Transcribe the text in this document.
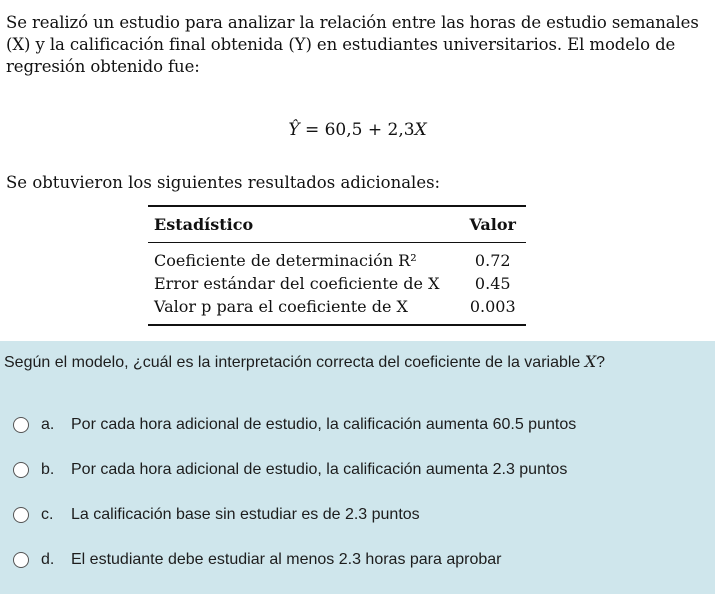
Se realizó un estudio para analizar la relación entre las horas de estudio semanales (X) y la calificación final obtenida (Y) en estudiantes universitarios. El modelo de regresión obtenido fue:

Ŷ = 60,5 + 2,3X

Se obtuvieron los siguientes resultados adicionales:

Estadístico	Valor
Coeficiente de determinación R²	0.72
Error estándar del coeficiente de X	0.45
Valor p para el coeficiente de X	0.003
Según el modelo, ¿cuál es la interpretación correcta del coeficiente de la variable X?
a.	Por cada hora adicional de estudio, la calificación aumenta 60.5 puntos
b.	Por cada hora adicional de estudio, la calificación aumenta 2.3 puntos
c.	La calificación base sin estudiar es de 2.3 puntos
d.	El estudiante debe estudiar al menos 2.3 horas para aprobar
